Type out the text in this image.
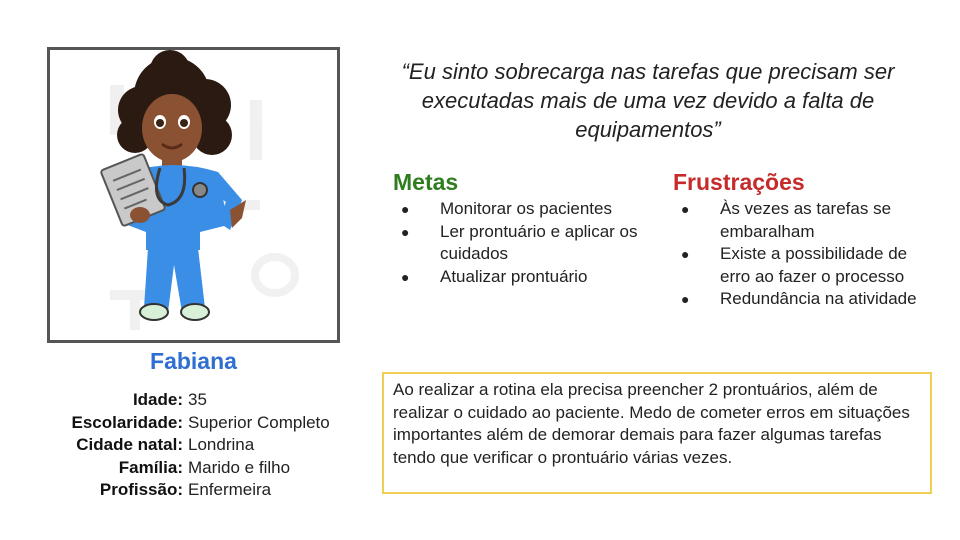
Fabiana
Idade: 35
Escolaridade: Superior Completo
Cidade natal: Londrina
Família: Marido e filho
Profissão: Enfermeira
“Eu sinto sobrecarga nas tarefas que precisam ser executadas mais de uma vez devido a falta de equipamentos”
Metas
● Monitorar os pacientes
● Ler prontuário e aplicar os cuidados
● Atualizar prontuário
Frustrações
● Às vezes as tarefas se embaralham
● Existe a possibilidade de erro ao fazer o processo
● Redundância na atividade
Ao realizar a rotina ela precisa preencher 2 prontuários, além de realizar o cuidado ao paciente. Medo de cometer erros em situações importantes além de demorar demais para fazer algumas tarefas tendo que verificar o prontuário várias vezes.
